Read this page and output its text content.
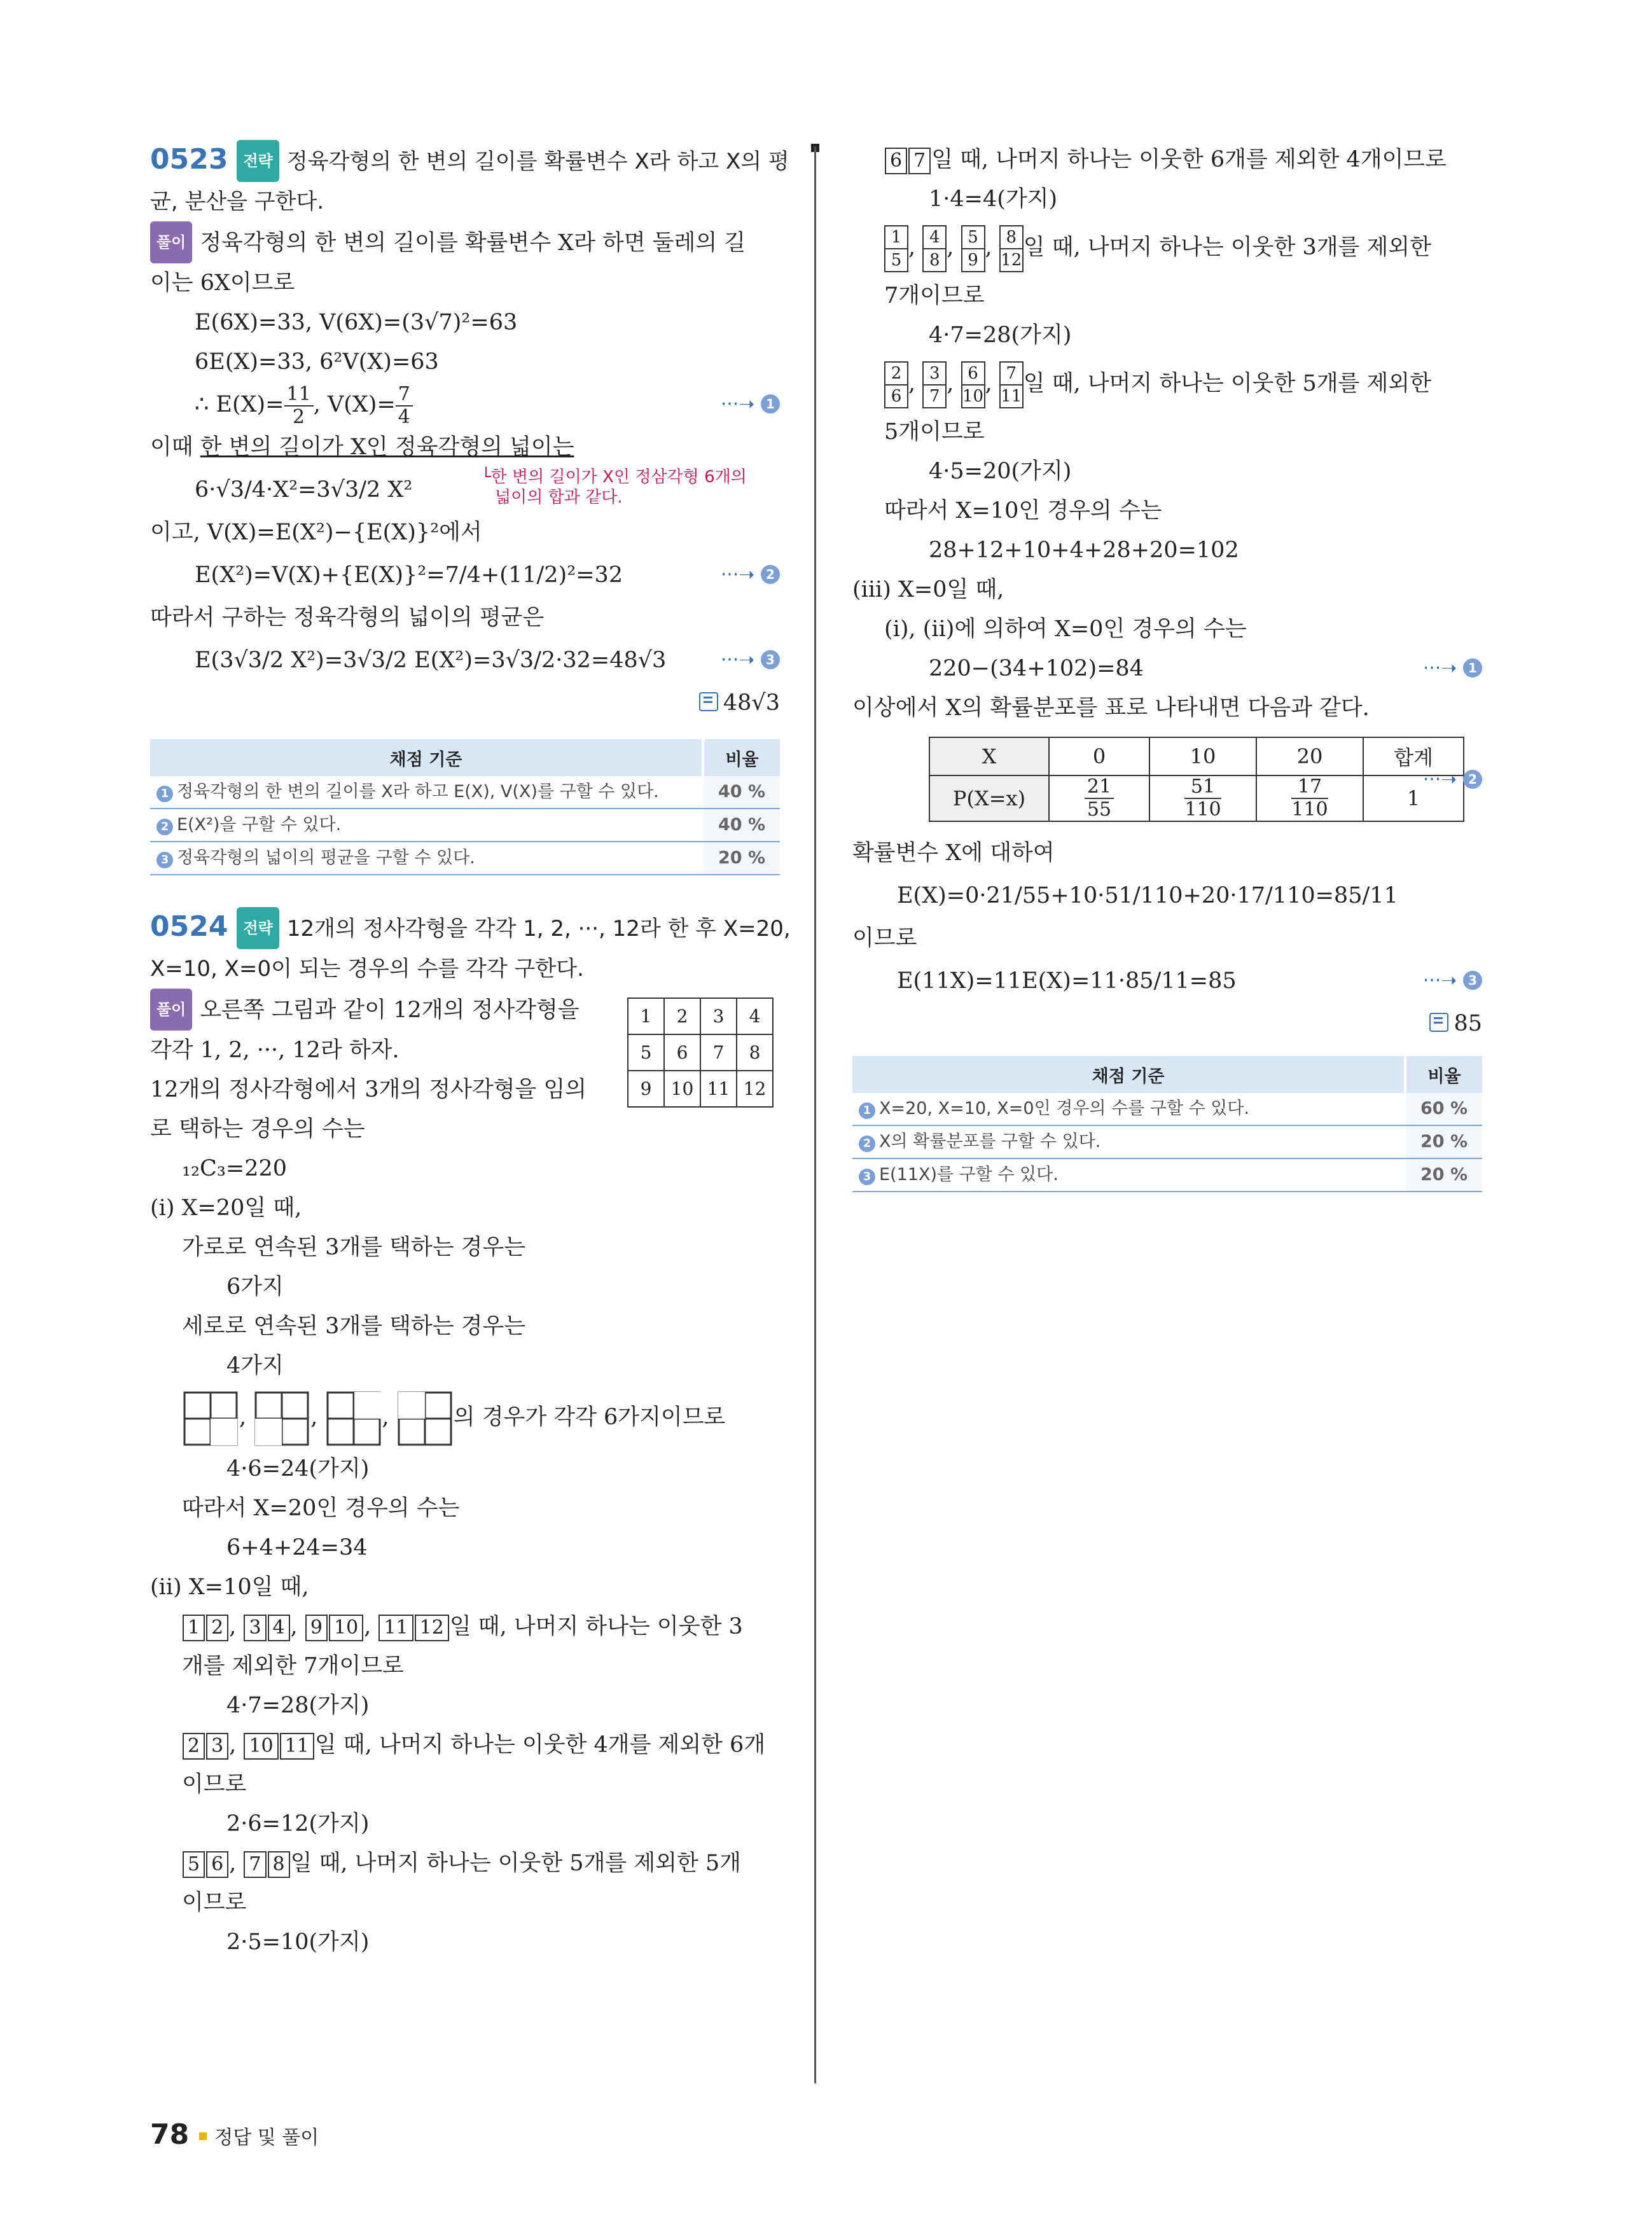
0523 전략 정육각형의 한 변의 길이를 확률변수 X라 하고 X의 평
균, 분산을 구한다.
풀이 정육각형의 한 변의 길이를 확률변수 X라 하면 둘레의 길
이는 6X이므로
E(6X)=33, V(6X)=(3√7)²=63
6E(X)=33, 6²V(X)=63
∴ $E(X)= \frac{11}{2}$ , $V(X)= \frac{7}{4}$	···➝ 1
이때 한 변의 길이가 X인 정육각형의 넓이는
6·√3/4·X²=3√3/2 X²	└한 변의 길이가 X인 정삼각형 6개의
넓이의 합과 같다.
이고, V(X)=E(X²)−{E(X)}²에서
E(X²)=V(X)+{E(X)}²=7/4+(11/2)²=32	···➝ 2
따라서 구하는 정육각형의 넓이의 평균은
E(3√3/2 X²)=3√3/2 E(X²)=3√3/2·32=48√3	···➝ 3
48√3
채점 기준	비율
1 정육각형의 한 변의 길이를 X라 하고 E(X), V(X)를 구할 수 있다.	40 %
2 E(X²)을 구할 수 있다.	40 %
3 정육각형의 넓이의 평균을 구할 수 있다.	20 %
0524 전략 12개의 정사각형을 각각 1, 2, ···, 12라 한 후 X=20,
X=10, X=0이 되는 경우의 수를 각각 구한다.
1	2	3	4
5	6	7	8
9	10	11	12
풀이 오른쪽 그림과 같이 12개의 정사각형을
각각 1, 2, ···, 12라 하자.
12개의 정사각형에서 3개의 정사각형을 임의
로 택하는 경우의 수는
₁₂C₃=220
(i) X=20일 때,
가로로 연속된 3개를 택하는 경우는
6가지
세로로 연속된 3개를 택하는 경우는
4가지
,	,	,	의 경우가 각각 6가지이므로
4·6=24(가지)
따라서 X=20인 경우의 수는
6+4+24=34
(ii) X=10일 때,
1 2 , 3 4 , 9 10 , 11 12 일 때, 나머지 하나는 이웃한 3
개를 제외한 7개이므로
4·7=28(가지)
2 3 , 10 11 일 때, 나머지 하나는 이웃한 4개를 제외한 6개
이므로
2·6=12(가지)
5 6 , 7 8 일 때, 나머지 하나는 이웃한 5개를 제외한 5개
이므로
2·5=10(가지)
6 7 일 때, 나머지 하나는 이웃한 6개를 제외한 4개이므로
1·4=4(가지)
$\frac{1}{5}$ , $\frac{4}{8}$ , $\frac{5}{9}$ , $\frac{8}{12}$ 일 때, 나머지 하나는 이웃한 3개를 제외한
7개이므로
4·7=28(가지)
$\frac{2}{6}$ , $\frac{3}{7}$ , $\frac{6}{10}$ , $\frac{7}{11}$ 일 때, 나머지 하나는 이웃한 5개를 제외한
5개이므로
4·5=20(가지)
따라서 X=10인 경우의 수는
28+12+10+4+28+20=102
(iii) X=0일 때,
(i), (ii)에 의하여 X=0인 경우의 수는
220−(34+102)=84	···➝ 1
이상에서 X의 확률분포를 표로 나타내면 다음과 같다.
X	0	10	20	합계
P(X=x)	$\frac{21}{55}$	$\frac{51}{110}$	$\frac{17}{110}$	1
···➝ 2
확률변수 X에 대하여
E(X)=0·21/55+10·51/110+20·17/110=85/11
이므로
E(11X)=11E(X)=11·85/11=85	···➝ 3
85
채점 기준	비율
1 X=20, X=10, X=0인 경우의 수를 구할 수 있다.	60 %
2 X의 확률분포를 구할 수 있다.	20 %
3 E(11X)를 구할 수 있다.	20 %
78 정답 및 풀이
